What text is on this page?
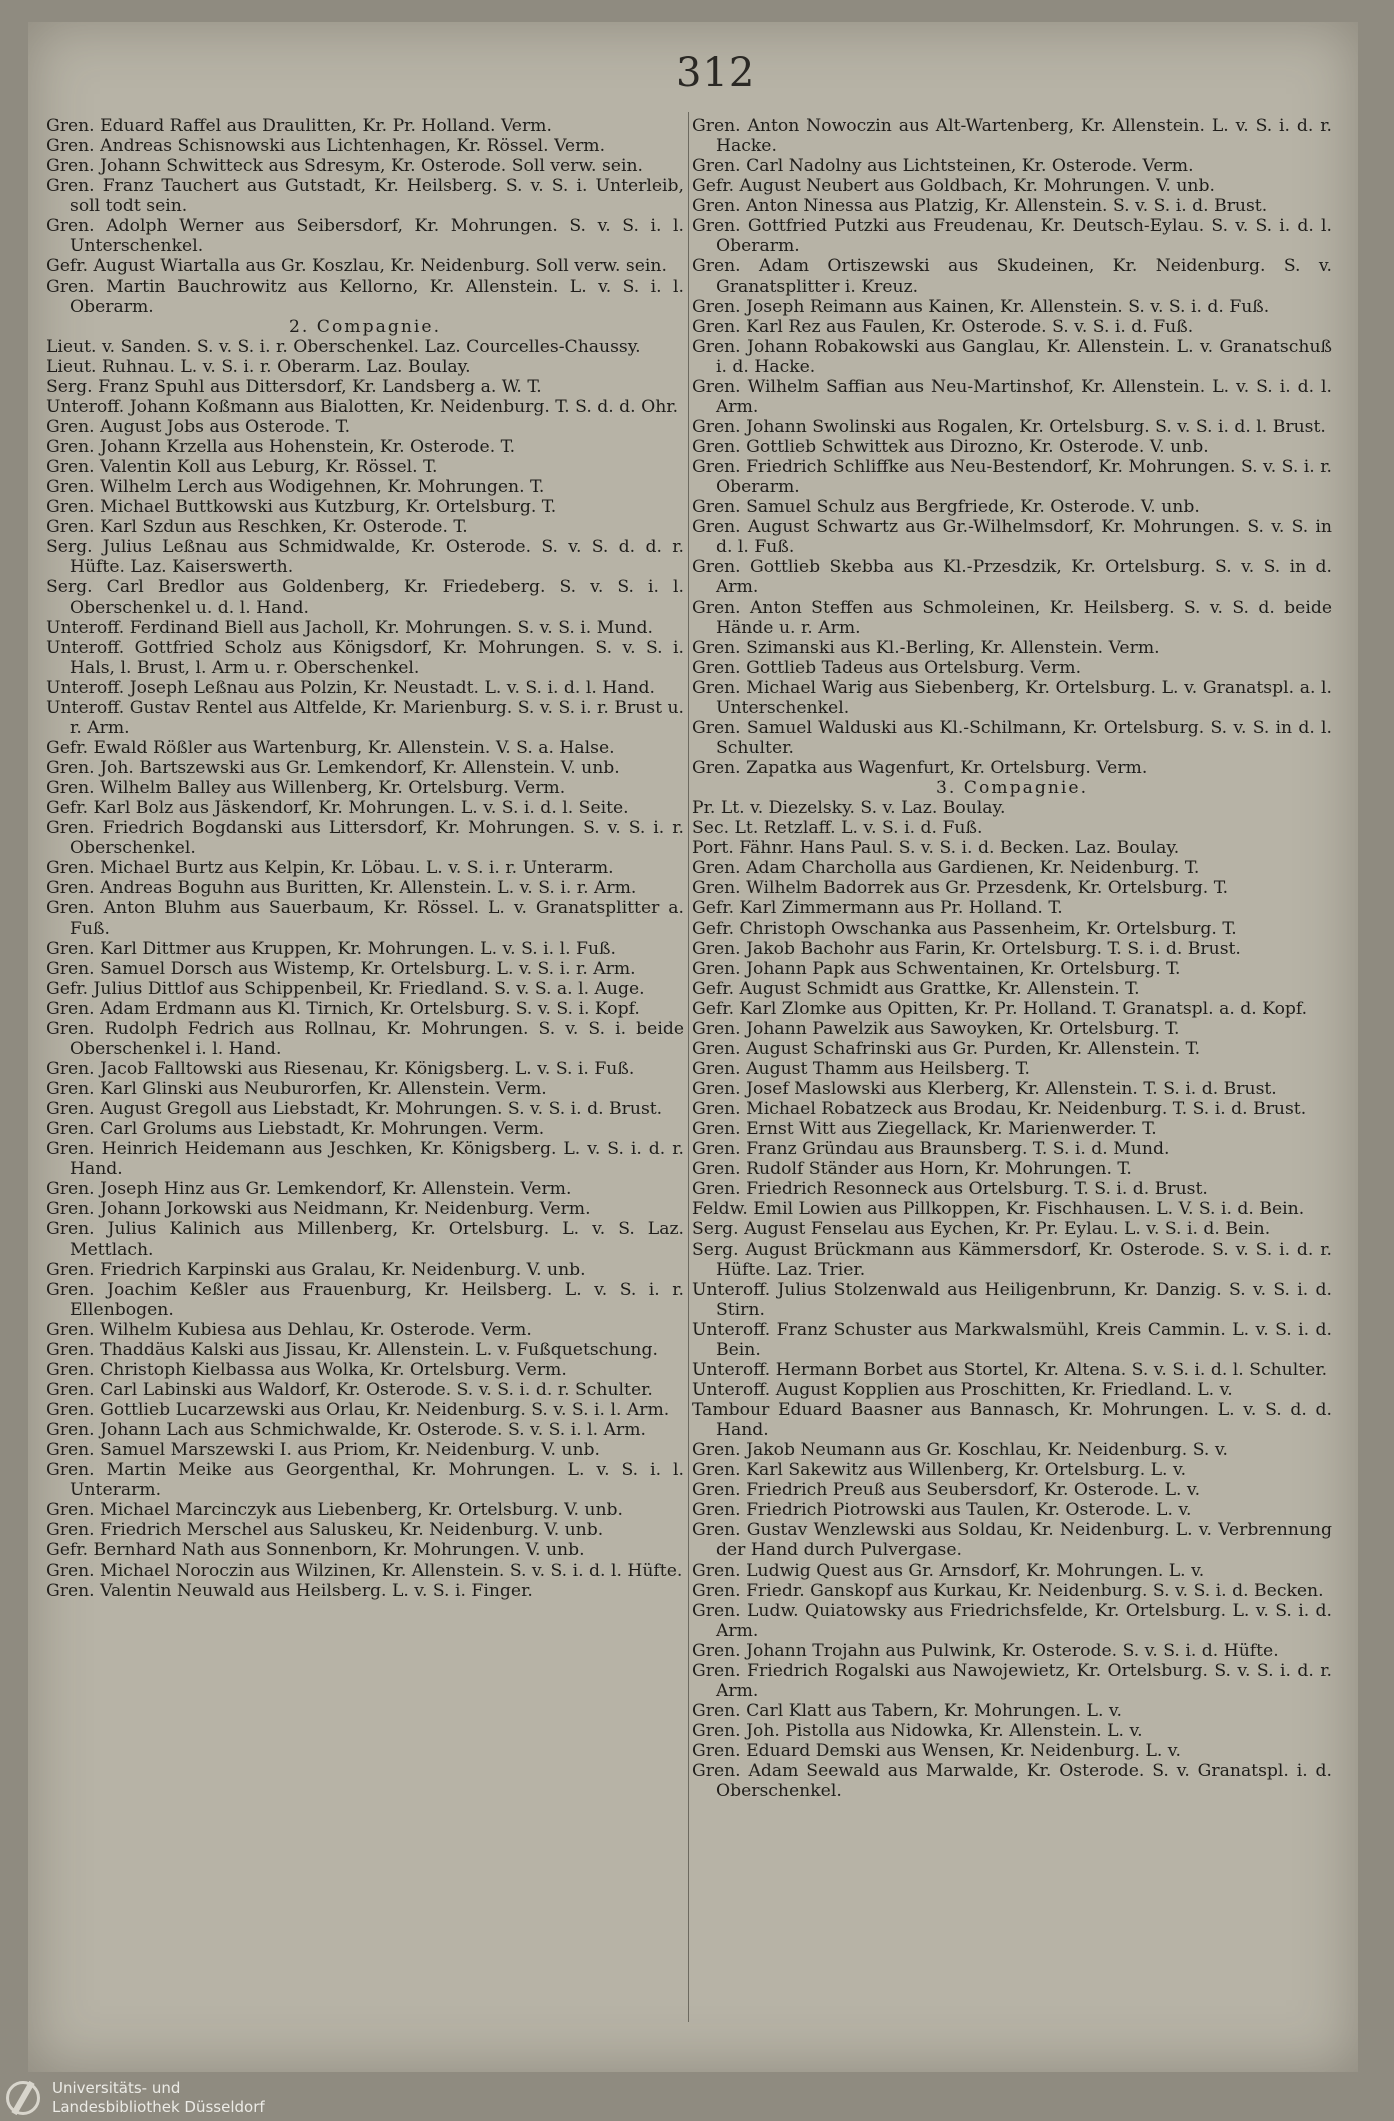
312

Gren. Eduard Raffel aus Draulitten, Kr. Pr. Holland. Verm.

Gren. Andreas Schisnowski aus Lichtenhagen, Kr. Rössel. Verm.

Gren. Johann Schwitteck aus Sdresym, Kr. Osterode. Soll verw. sein.

Gren. Franz Tauchert aus Gutstadt, Kr. Heilsberg. S. v. S. i. Unterleib, soll todt sein.

Gren. Adolph Werner aus Seibersdorf, Kr. Mohrungen. S. v. S. i. l. Unterschenkel.

Gefr. August Wiartalla aus Gr. Koszlau, Kr. Neidenburg. Soll verw. sein.

Gren. Martin Bauchrowitz aus Kellorno, Kr. Allenstein. L. v. S. i. l. Oberarm.

2. Compagnie.

Lieut. v. Sanden. S. v. S. i. r. Oberschenkel. Laz. Courcelles-Chaussy.

Lieut. Ruhnau. L. v. S. i. r. Oberarm. Laz. Boulay.

Serg. Franz Spuhl aus Dittersdorf, Kr. Landsberg a. W. T.

Unteroff. Johann Koßmann aus Bialotten, Kr. Neidenburg. T. S. d. d. Ohr.

Gren. August Jobs aus Osterode. T.

Gren. Johann Krzella aus Hohenstein, Kr. Osterode. T.

Gren. Valentin Koll aus Leburg, Kr. Rössel. T.

Gren. Wilhelm Lerch aus Wodigehnen, Kr. Mohrungen. T.

Gren. Michael Buttkowski aus Kutzburg, Kr. Ortelsburg. T.

Gren. Karl Szdun aus Reschken, Kr. Osterode. T.

Serg. Julius Leßnau aus Schmidwalde, Kr. Osterode. S. v. S. d. d. r. Hüfte. Laz. Kaiserswerth.

Serg. Carl Bredlor aus Goldenberg, Kr. Friedeberg. S. v. S. i. l. Oberschenkel u. d. l. Hand.

Unteroff. Ferdinand Biell aus Jacholl, Kr. Mohrungen. S. v. S. i. Mund.

Unteroff. Gottfried Scholz aus Königsdorf, Kr. Mohrungen. S. v. S. i. Hals, l. Brust, l. Arm u. r. Oberschenkel.

Unteroff. Joseph Leßnau aus Polzin, Kr. Neustadt. L. v. S. i. d. l. Hand.

Unteroff. Gustav Rentel aus Altfelde, Kr. Marienburg. S. v. S. i. r. Brust u. r. Arm.

Gefr. Ewald Rößler aus Wartenburg, Kr. Allenstein. V. S. a. Halse.

Gren. Joh. Bartszewski aus Gr. Lemkendorf, Kr. Allenstein. V. unb.

Gren. Wilhelm Balley aus Willenberg, Kr. Ortelsburg. Verm.

Gefr. Karl Bolz aus Jäskendorf, Kr. Mohrungen. L. v. S. i. d. l. Seite.

Gren. Friedrich Bogdanski aus Littersdorf, Kr. Mohrungen. S. v. S. i. r. Oberschenkel.

Gren. Michael Burtz aus Kelpin, Kr. Löbau. L. v. S. i. r. Unterarm.

Gren. Andreas Boguhn aus Buritten, Kr. Allenstein. L. v. S. i. r. Arm.

Gren. Anton Bluhm aus Sauerbaum, Kr. Rössel. L. v. Granatsplitter a. Fuß.

Gren. Karl Dittmer aus Kruppen, Kr. Mohrungen. L. v. S. i. l. Fuß.

Gren. Samuel Dorsch aus Wistemp, Kr. Ortelsburg. L. v. S. i. r. Arm.

Gefr. Julius Dittlof aus Schippenbeil, Kr. Friedland. S. v. S. a. l. Auge.

Gren. Adam Erdmann aus Kl. Tirnich, Kr. Ortelsburg. S. v. S. i. Kopf.

Gren. Rudolph Fedrich aus Rollnau, Kr. Mohrungen. S. v. S. i. beide Oberschenkel i. l. Hand.

Gren. Jacob Falltowski aus Riesenau, Kr. Königsberg. L. v. S. i. Fuß.

Gren. Karl Glinski aus Neuburorfen, Kr. Allenstein. Verm.

Gren. August Gregoll aus Liebstadt, Kr. Mohrungen. S. v. S. i. d. Brust.

Gren. Carl Grolums aus Liebstadt, Kr. Mohrungen. Verm.

Gren. Heinrich Heidemann aus Jeschken, Kr. Königsberg. L. v. S. i. d. r. Hand.

Gren. Joseph Hinz aus Gr. Lemkendorf, Kr. Allenstein. Verm.

Gren. Johann Jorkowski aus Neidmann, Kr. Neidenburg. Verm.

Gren. Julius Kalinich aus Millenberg, Kr. Ortelsburg. L. v. S. Laz. Mettlach.

Gren. Friedrich Karpinski aus Gralau, Kr. Neidenburg. V. unb.

Gren. Joachim Keßler aus Frauenburg, Kr. Heilsberg. L. v. S. i. r. Ellenbogen.

Gren. Wilhelm Kubiesa aus Dehlau, Kr. Osterode. Verm.

Gren. Thaddäus Kalski aus Jissau, Kr. Allenstein. L. v. Fußquetschung.

Gren. Christoph Kielbassa aus Wolka, Kr. Ortelsburg. Verm.

Gren. Carl Labinski aus Waldorf, Kr. Osterode. S. v. S. i. d. r. Schulter.

Gren. Gottlieb Lucarzewski aus Orlau, Kr. Neidenburg. S. v. S. i. l. Arm.

Gren. Johann Lach aus Schmichwalde, Kr. Osterode. S. v. S. i. l. Arm.

Gren. Samuel Marszewski I. aus Priom, Kr. Neidenburg. V. unb.

Gren. Martin Meike aus Georgenthal, Kr. Mohrungen. L. v. S. i. l. Unterarm.

Gren. Michael Marcinczyk aus Liebenberg, Kr. Ortelsburg. V. unb.

Gren. Friedrich Merschel aus Saluskeu, Kr. Neidenburg. V. unb.

Gefr. Bernhard Nath aus Sonnenborn, Kr. Mohrungen. V. unb.

Gren. Michael Noroczin aus Wilzinen, Kr. Allenstein. S. v. S. i. d. l. Hüfte.

Gren. Valentin Neuwald aus Heilsberg. L. v. S. i. Finger.

Gren. Anton Nowoczin aus Alt-Wartenberg, Kr. Allenstein. L. v. S. i. d. r. Hacke.

Gren. Carl Nadolny aus Lichtsteinen, Kr. Osterode. Verm.

Gefr. August Neubert aus Goldbach, Kr. Mohrungen. V. unb.

Gren. Anton Ninessa aus Platzig, Kr. Allenstein. S. v. S. i. d. Brust.

Gren. Gottfried Putzki aus Freudenau, Kr. Deutsch-Eylau. S. v. S. i. d. l. Oberarm.

Gren. Adam Ortiszewski aus Skudeinen, Kr. Neidenburg. S. v. Granatsplitter i. Kreuz.

Gren. Joseph Reimann aus Kainen, Kr. Allenstein. S. v. S. i. d. Fuß.

Gren. Karl Rez aus Faulen, Kr. Osterode. S. v. S. i. d. Fuß.

Gren. Johann Robakowski aus Ganglau, Kr. Allenstein. L. v. Granatschuß i. d. Hacke.

Gren. Wilhelm Saffian aus Neu-Martinshof, Kr. Allenstein. L. v. S. i. d. l. Arm.

Gren. Johann Swolinski aus Rogalen, Kr. Ortelsburg. S. v. S. i. d. l. Brust.

Gren. Gottlieb Schwittek aus Dirozno, Kr. Osterode. V. unb.

Gren. Friedrich Schliffke aus Neu-Bestendorf, Kr. Mohrungen. S. v. S. i. r. Oberarm.

Gren. Samuel Schulz aus Bergfriede, Kr. Osterode. V. unb.

Gren. August Schwartz aus Gr.-Wilhelmsdorf, Kr. Mohrungen. S. v. S. in d. l. Fuß.

Gren. Gottlieb Skebba aus Kl.-Przesdzik, Kr. Ortelsburg. S. v. S. in d. Arm.

Gren. Anton Steffen aus Schmoleinen, Kr. Heilsberg. S. v. S. d. beide Hände u. r. Arm.

Gren. Szimanski aus Kl.-Berling, Kr. Allenstein. Verm.

Gren. Gottlieb Tadeus aus Ortelsburg. Verm.

Gren. Michael Warig aus Siebenberg, Kr. Ortelsburg. L. v. Granatspl. a. l. Unterschenkel.

Gren. Samuel Walduski aus Kl.-Schilmann, Kr. Ortelsburg. S. v. S. in d. l. Schulter.

Gren. Zapatka aus Wagenfurt, Kr. Ortelsburg. Verm.

3. Compagnie.

Pr. Lt. v. Diezelsky. S. v. Laz. Boulay.

Sec. Lt. Retzlaff. L. v. S. i. d. Fuß.

Port. Fähnr. Hans Paul. S. v. S. i. d. Becken. Laz. Boulay.

Gren. Adam Charcholla aus Gardienen, Kr. Neidenburg. T.

Gren. Wilhelm Badorrek aus Gr. Przesdenk, Kr. Ortelsburg. T.

Gefr. Karl Zimmermann aus Pr. Holland. T.

Gefr. Christoph Owschanka aus Passenheim, Kr. Ortelsburg. T.

Gren. Jakob Bachohr aus Farin, Kr. Ortelsburg. T. S. i. d. Brust.

Gren. Johann Papk aus Schwentainen, Kr. Ortelsburg. T.

Gefr. August Schmidt aus Grattke, Kr. Allenstein. T.

Gefr. Karl Zlomke aus Opitten, Kr. Pr. Holland. T. Granatspl. a. d. Kopf.

Gren. Johann Pawelzik aus Sawoyken, Kr. Ortelsburg. T.

Gren. August Schafrinski aus Gr. Purden, Kr. Allenstein. T.

Gren. August Thamm aus Heilsberg. T.

Gren. Josef Maslowski aus Klerberg, Kr. Allenstein. T. S. i. d. Brust.

Gren. Michael Robatzeck aus Brodau, Kr. Neidenburg. T. S. i. d. Brust.

Gren. Ernst Witt aus Ziegellack, Kr. Marienwerder. T.

Gren. Franz Gründau aus Braunsberg. T. S. i. d. Mund.

Gren. Rudolf Ständer aus Horn, Kr. Mohrungen. T.

Gren. Friedrich Resonneck aus Ortelsburg. T. S. i. d. Brust.

Feldw. Emil Lowien aus Pillkoppen, Kr. Fischhausen. L. V. S. i. d. Bein.

Serg. August Fenselau aus Eychen, Kr. Pr. Eylau. L. v. S. i. d. Bein.

Serg. August Brückmann aus Kämmersdorf, Kr. Osterode. S. v. S. i. d. r. Hüfte. Laz. Trier.

Unteroff. Julius Stolzenwald aus Heiligenbrunn, Kr. Danzig. S. v. S. i. d. Stirn.

Unteroff. Franz Schuster aus Markwalsmühl, Kreis Cammin. L. v. S. i. d. Bein.

Unteroff. Hermann Borbet aus Stortel, Kr. Altena. S. v. S. i. d. l. Schulter.

Unteroff. August Kopplien aus Proschitten, Kr. Friedland. L. v.

Tambour Eduard Baasner aus Bannasch, Kr. Mohrungen. L. v. S. d. d. Hand.

Gren. Jakob Neumann aus Gr. Koschlau, Kr. Neidenburg. S. v.

Gren. Karl Sakewitz aus Willenberg, Kr. Ortelsburg. L. v.

Gren. Friedrich Preuß aus Seubersdorf, Kr. Osterode. L. v.

Gren. Friedrich Piotrowski aus Taulen, Kr. Osterode. L. v.

Gren. Gustav Wenzlewski aus Soldau, Kr. Neidenburg. L. v. Verbrennung der Hand durch Pulvergase.

Gren. Ludwig Quest aus Gr. Arnsdorf, Kr. Mohrungen. L. v.

Gren. Friedr. Ganskopf aus Kurkau, Kr. Neidenburg. S. v. S. i. d. Becken.

Gren. Ludw. Quiatowsky aus Friedrichsfelde, Kr. Ortelsburg. L. v. S. i. d. Arm.

Gren. Johann Trojahn aus Pulwink, Kr. Osterode. S. v. S. i. d. Hüfte.

Gren. Friedrich Rogalski aus Nawojewietz, Kr. Ortelsburg. S. v. S. i. d. r. Arm.

Gren. Carl Klatt aus Tabern, Kr. Mohrungen. L. v.

Gren. Joh. Pistolla aus Nidowka, Kr. Allenstein. L. v.

Gren. Eduard Demski aus Wensen, Kr. Neidenburg. L. v.

Gren. Adam Seewald aus Marwalde, Kr. Osterode. S. v. Granatspl. i. d. Oberschenkel.

Universitäts- und
Landesbibliothek Düsseldorf
